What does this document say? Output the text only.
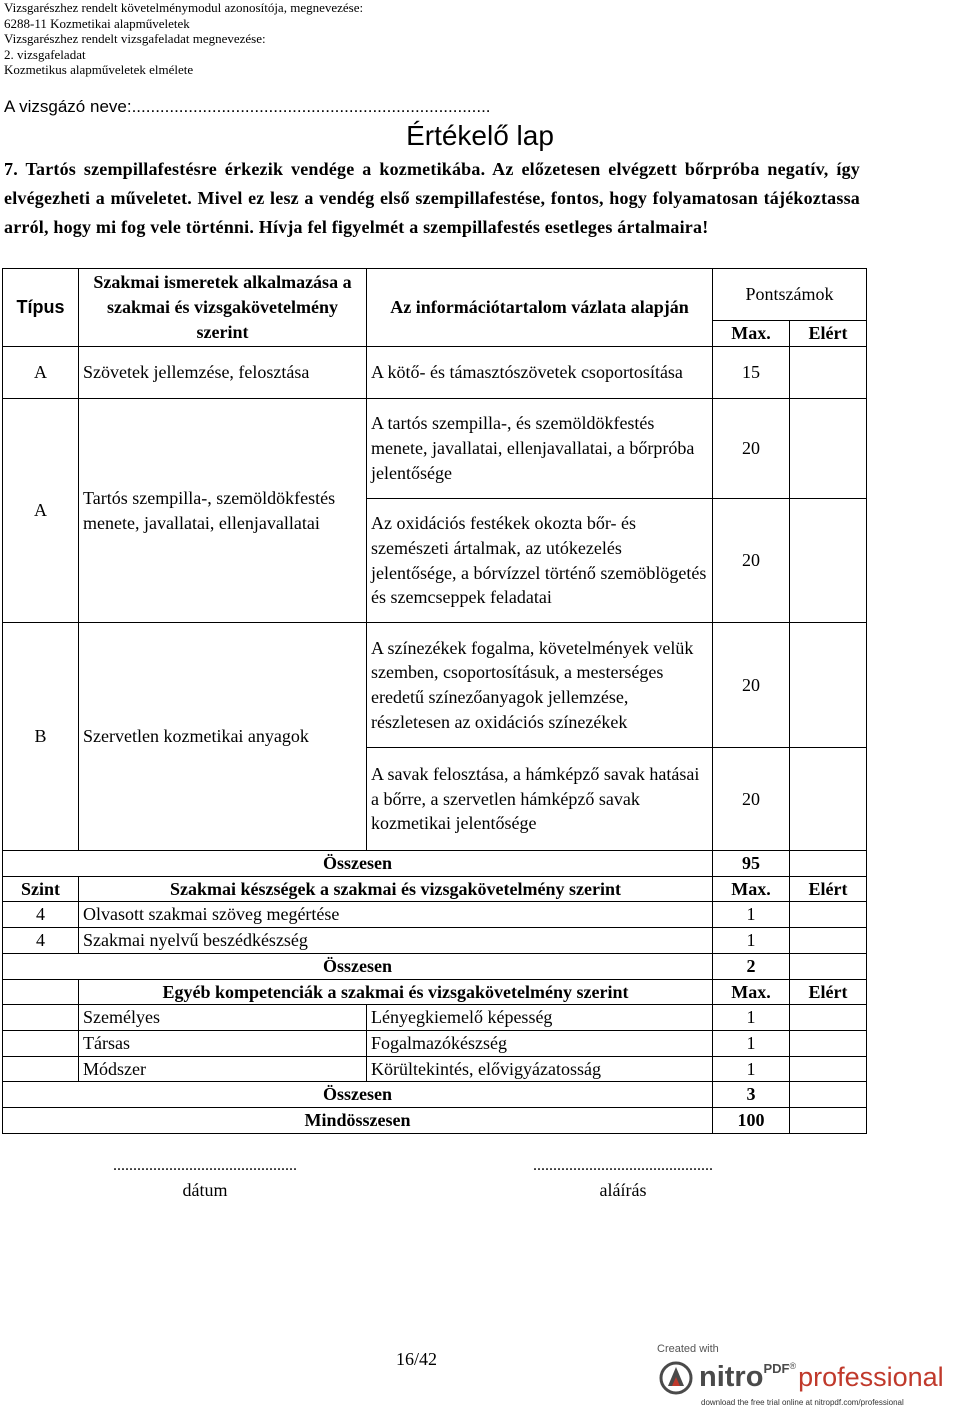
Vizsgarészhez rendelt követelménymodul azonosítója, megnevezése:
6288-11 Kozmetikai alapműveletek
Vizsgarészhez rendelt vizsgafeladat megnevezése:
2. vizsgafeladat
Kozmetikus alapműveletek elmélete
A vizsgázó neve:............................................................................
Értékelő lap
7. Tartós szempillafestésre érkezik vendége a kozmetikába. Az előzetesen elvégzett bőrpróba negatív, így elvégezheti a műveletet. Mivel ez lesz a vendég első szempillafestése, fontos, hogy folyamatosan tájékoztassa arról, hogy mi fog vele történni. Hívja fel figyelmét a szempillafestés esetleges ártalmaira!
Típus	Szakmai ismeretek alkalmazása a szakmai és vizsgakövetelmény szerint	Az információtartalom vázlata alapján	Pontszámok	
			Max.	Elért
A	Szövetek jellemzése, felosztása	A kötő- és támasztószövetek csoportosítása	15	
A	Tartós szempilla-, szemöldökfestés menete, javallatai, ellenjavallatai	A tartós szempilla-, és szemöldökfestés menete, javallatai, ellenjavallatai, a bőrpróba jelentősége	20	
		Az oxidációs festékek okozta bőr- és szemészeti ártalmak, az utókezelés jelentősége, a bórvízzel történő szemöblögetés és szemcseppek feladatai	20	
B	Szervetlen kozmetikai anyagok	A színezékek fogalma, követelmények velük szemben, csoportosításuk, a mesterséges eredetű színezőanyagok jellemzése, részletesen az oxidációs színezékek	20	
		A savak felosztása, a hámképző savak hatásai a bőrre, a szervetlen hámképző savak kozmetikai jelentősége	20	
Összesen			95	
Szint	Szakmai készségek a szakmai és vizsgakövetelmény szerint		Max.	Elért
4	Olvasott szakmai szöveg megértése		1	
4	Szakmai nyelvű beszédkészség		1	
Összesen			2	
	Egyéb kompetenciák a szakmai és vizsgakövetelmény szerint		Max.	Elért
	Személyes	Lényegkiemelő képesség	1	
	Társas	Fogalmazókészség	1	
	Módszer	Körültekintés, elővigyázatosság	1	
Összesen			3	
Mindösszesen			100	
..............................................
dátum
.............................................
aláírás
16/42	Created with
nitro$^{PDF®}$professional
download the free trial online at nitropdf.com/professional
